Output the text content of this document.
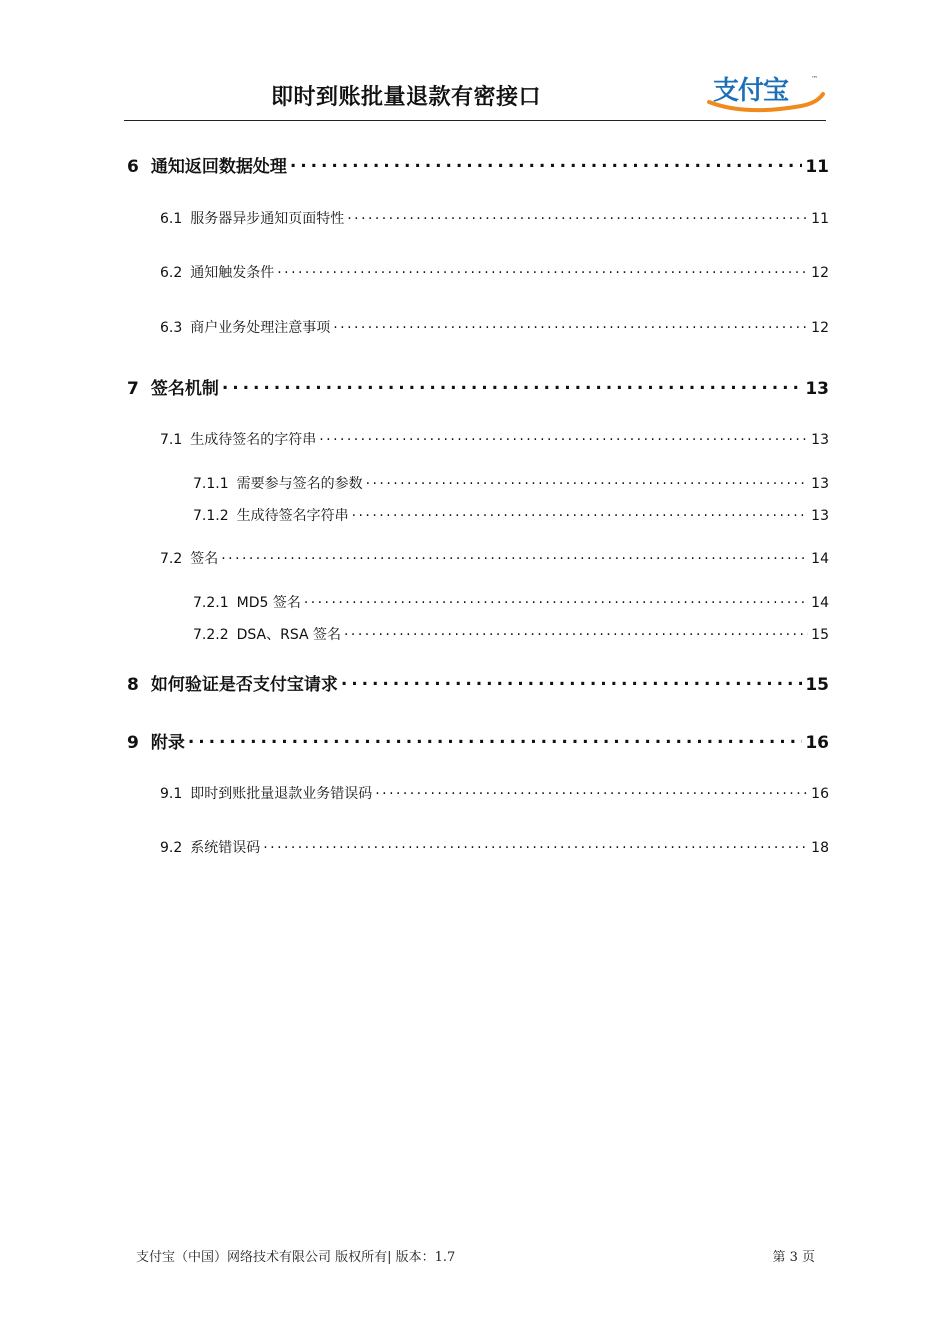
即时到账批量退款有密接口	支付宝	™
6 通知返回数据处理 . . .	11
6.1 服务器异步通知页面特性 . . .	11
6.2 通知触发条件 . . .	12
6.3 商户业务处理注意事项 . . .	12
7 签名机制 . . .	13
7.1 生成待签名的字符串 . . .	13
7.1.1 需要参与签名的参数 . . .	13
7.1.2 生成待签名字符串 . . .	13
7.2 签名 . . .	14
7.2.1 MD5 签名 . . .	14
7.2.2 DSA、RSA 签名 . . .	15
8 如何验证是否支付宝请求 . . .	15
9 附录 . . .	16
9.1 即时到账批量退款业务错误码 . . .	16
9.2 系统错误码 . . .	18
支付宝（中国）网络技术有限公司 版权所有| 版本：1.7	第 3 页
